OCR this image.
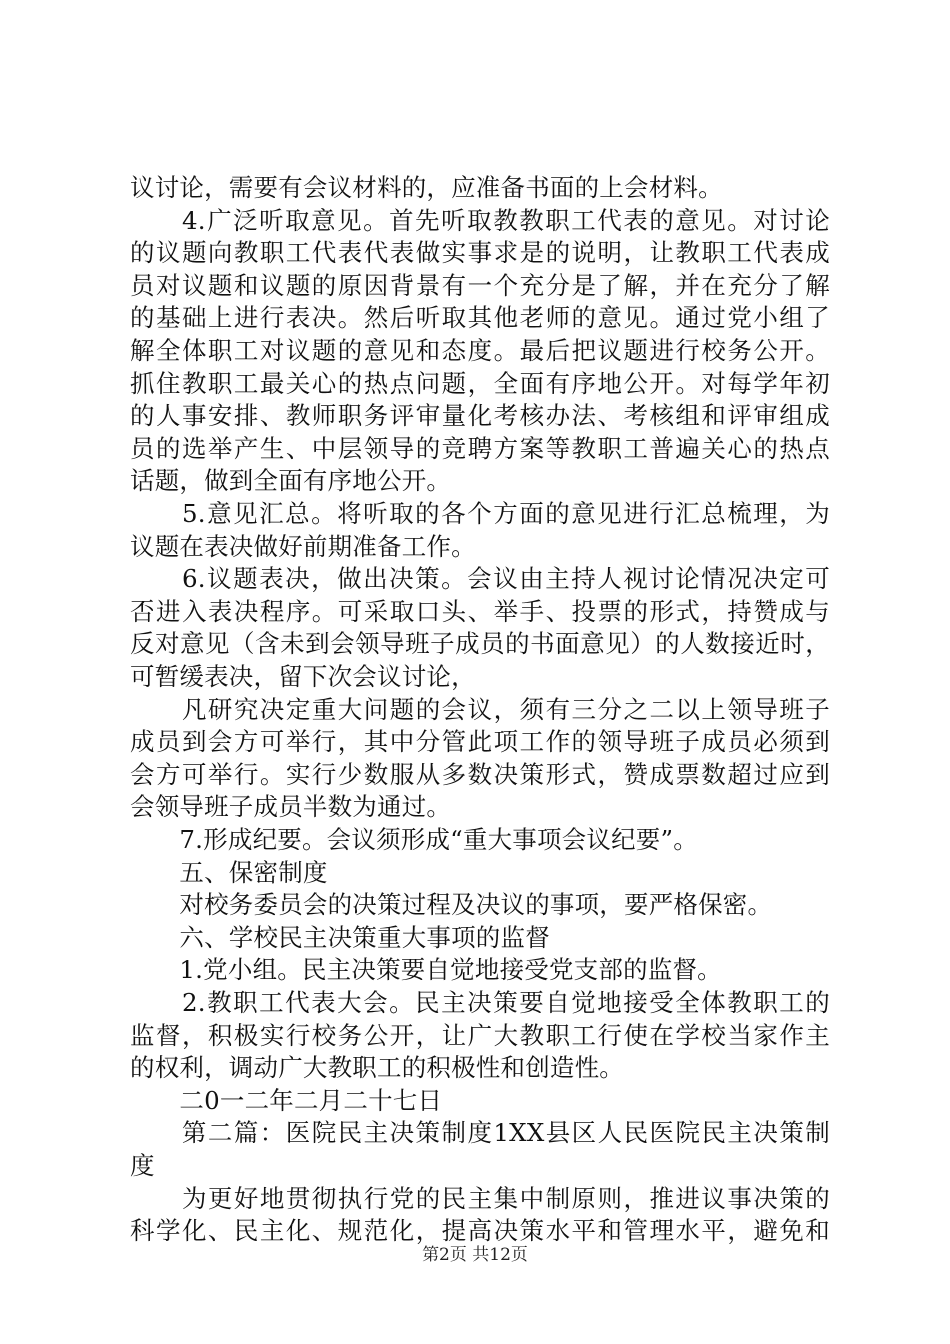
议讨论，需要有会议材料的，应准备书面的上会材料。
　　4.广泛听取意见。首先听取教教职工代表的意见。对讨论
的议题向教职工代表代表做实事求是的说明，让教职工代表成
员对议题和议题的原因背景有一个充分是了解，并在充分了解
的基础上进行表决。然后听取其他老师的意见。通过党小组了
解全体职工对议题的意见和态度。最后把议题进行校务公开。
抓住教职工最关心的热点问题，全面有序地公开。对每学年初
的人事安排、教师职务评审量化考核办法、考核组和评审组成
员的选举产生、中层领导的竞聘方案等教职工普遍关心的热点
话题，做到全面有序地公开。
　　5.意见汇总。将听取的各个方面的意见进行汇总梳理，为
议题在表决做好前期准备工作。
　　6.议题表决，做出决策。会议由主持人视讨论情况决定可
否进入表决程序。可采取口头、举手、投票的形式，持赞成与
反对意见（含未到会领导班子成员的书面意见）的人数接近时，
可暂缓表决，留下次会议讨论，
　　凡研究决定重大问题的会议，须有三分之二以上领导班子
成员到会方可举行，其中分管此项工作的领导班子成员必须到
会方可举行。实行少数服从多数决策形式，赞成票数超过应到
会领导班子成员半数为通过。
　　7.形成纪要。会议须形成“重大事项会议纪要”。
　　五、保密制度
　　对校务委员会的决策过程及决议的事项，要严格保密。
　　六、学校民主决策重大事项的监督
　　1.党小组。民主决策要自觉地接受党支部的监督。
　　2.教职工代表大会。民主决策要自觉地接受全体教职工的
监督，积极实行校务公开，让广大教职工行使在学校当家作主
的权利，调动广大教职工的积极性和创造性。
　　二0一二年二月二十七日
　　第二篇：医院民主决策制度1XX县区人民医院民主决策制
度
　　为更好地贯彻执行党的民主集中制原则，推进议事决策的
科学化、民主化、规范化，提高决策水平和管理水平，避免和
第2页 共12页
